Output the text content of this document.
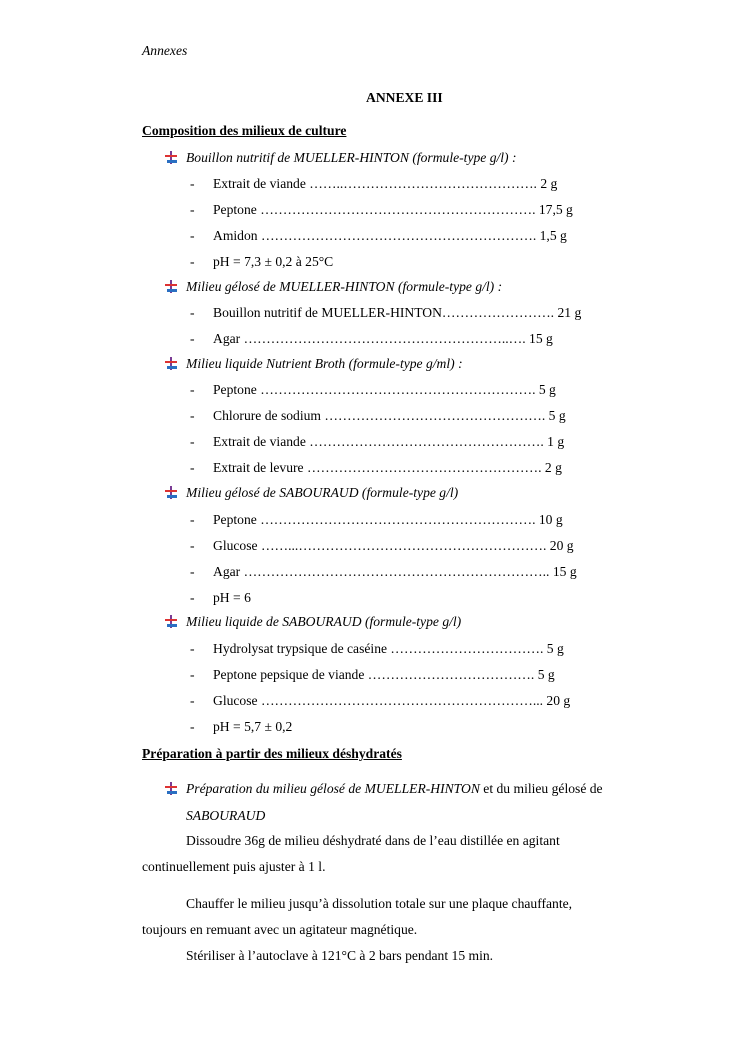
Annexes
ANNEXE III
Composition des milieux de culture
Bouillon nutritif de MUELLER-HINTON (formule-type g/l) :
- Extrait de viande ……..……………………………………. 2 g
- Peptone ……………………………………………………. 17,5 g
- Amidon ……………………………………………………. 1,5 g
- pH = 7,3 ± 0,2 à 25°C
Milieu gélosé de MUELLER-HINTON (formule-type g/l) :
- Bouillon nutritif de MUELLER-HINTON……………………. 21 g
- Agar …………………………………………………..…. 15 g
Milieu liquide Nutrient Broth (formule-type g/ml) :
- Peptone ……………………………………………………. 5 g
- Chlorure de sodium …………………………………………. 5 g
- Extrait de viande ……………………………………………. 1 g
- Extrait de levure ……………………………………………. 2 g
Milieu gélosé de SABOURAUD (formule-type g/l)
- Peptone ……………………………………………………. 10 g
- Glucose ……...………………………………………………. 20 g
- Agar ………………………………………………………….. 15 g
- pH = 6
Milieu liquide de SABOURAUD (formule-type g/l)
- Hydrolysat trypsique de caséine ……………………………. 5 g
- Peptone pepsique de viande ………………………………. 5 g
- Glucose ……………………………………………………... 20 g
- pH = 5,7 ± 0,2
Préparation à partir des milieux déshydratés
Préparation du milieu gélosé de MUELLER-HINTON et du milieu gélosé de
SABOURAUD
Dissoudre 36g de milieu déshydraté dans de l’eau distillée en agitant
continuellement puis ajuster à 1 l.
Chauffer le milieu jusqu’à dissolution totale sur une plaque chauffante,
toujours en remuant avec un agitateur magnétique.
Stériliser à l’autoclave à 121°C à 2 bars pendant 15 min.
